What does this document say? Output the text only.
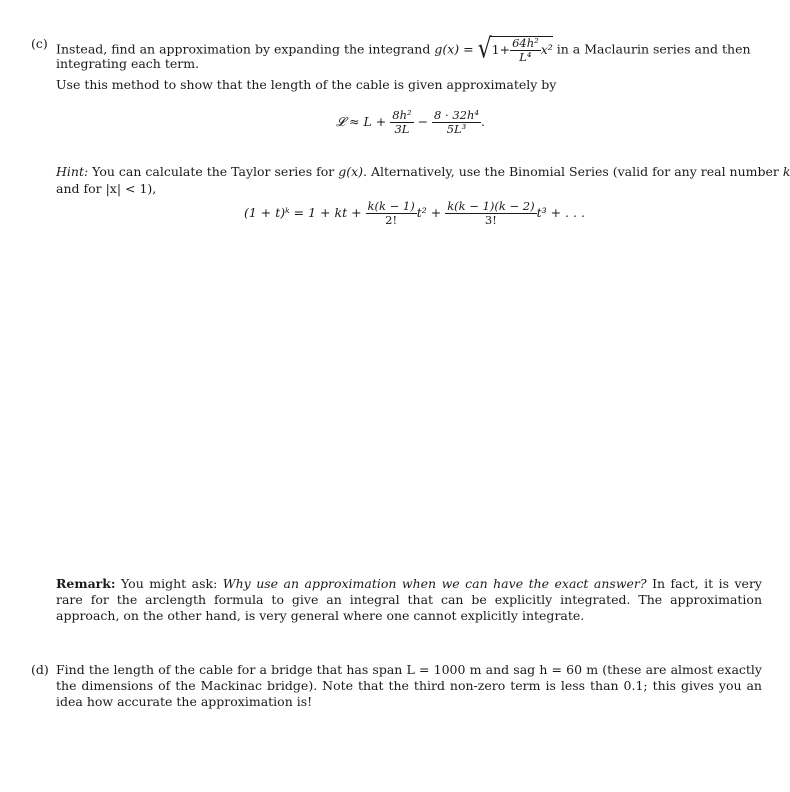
(c) Instead, find an approximation by expanding the integrand $g(x) = √1+ \frac{\text{64h²}}{\text{L⁴}} x^2$ in a Maclaurin series and then
integrating each term.
Use this method to show that the length of the cable is given approximately by
𝓛 ≈ $L + \frac{\text{8h²}}{3L} - \frac{\text{8 · 32h⁴}}{\text{5L³}}$ .
Hint: You can calculate the Taylor series for g(x). Alternatively, use the Binomial Series (valid for any real number k
and for |x| < 1),
(1 + t)ᵏ = 1 + kt + $\frac{k(k - 1)}{2!} t^2 + \frac{k(k - 1)(k - 2)}{3!} t^3$ + . . .
Remark: You might ask: Why use an approximation when we can have the exact answer? In fact, it is very rare for the arclength formula to give an integral that can be explicitly integrated. The approximation approach, on the other hand, is very general where one cannot explicitly integrate.
(d) Find the length of the cable for a bridge that has span L = 1000 m and sag h = 60 m (these are almost exactly the dimensions of the Mackinac bridge). Note that the third non-zero term is less than 0.1; this gives you an idea how accurate the approximation is!
